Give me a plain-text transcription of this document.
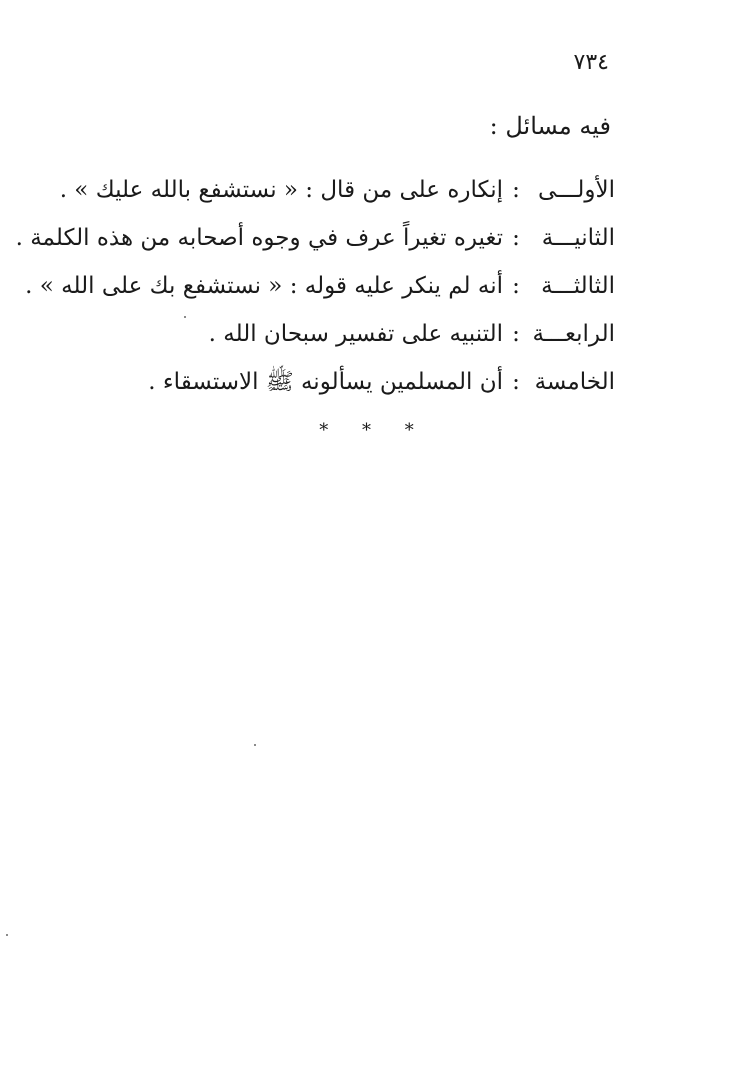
٧٣٤
فيه مسائل :
الأولـــى
:
إنكاره على من قال : « نستشفع بالله عليك » .
الثانيـــة
:
تغيره تغيراً عرف في وجوه أصحابه من هذه الكلمة .
الثالثـــة
:
أنه لم ينكر عليه قوله : « نستشفع بك على الله » .
الرابعـــة
:
التنبيه على تفسير سبحان الله .
الخامسة
:
أن المسلمين يسألونه ﷺ الاستسقاء .
* * *
